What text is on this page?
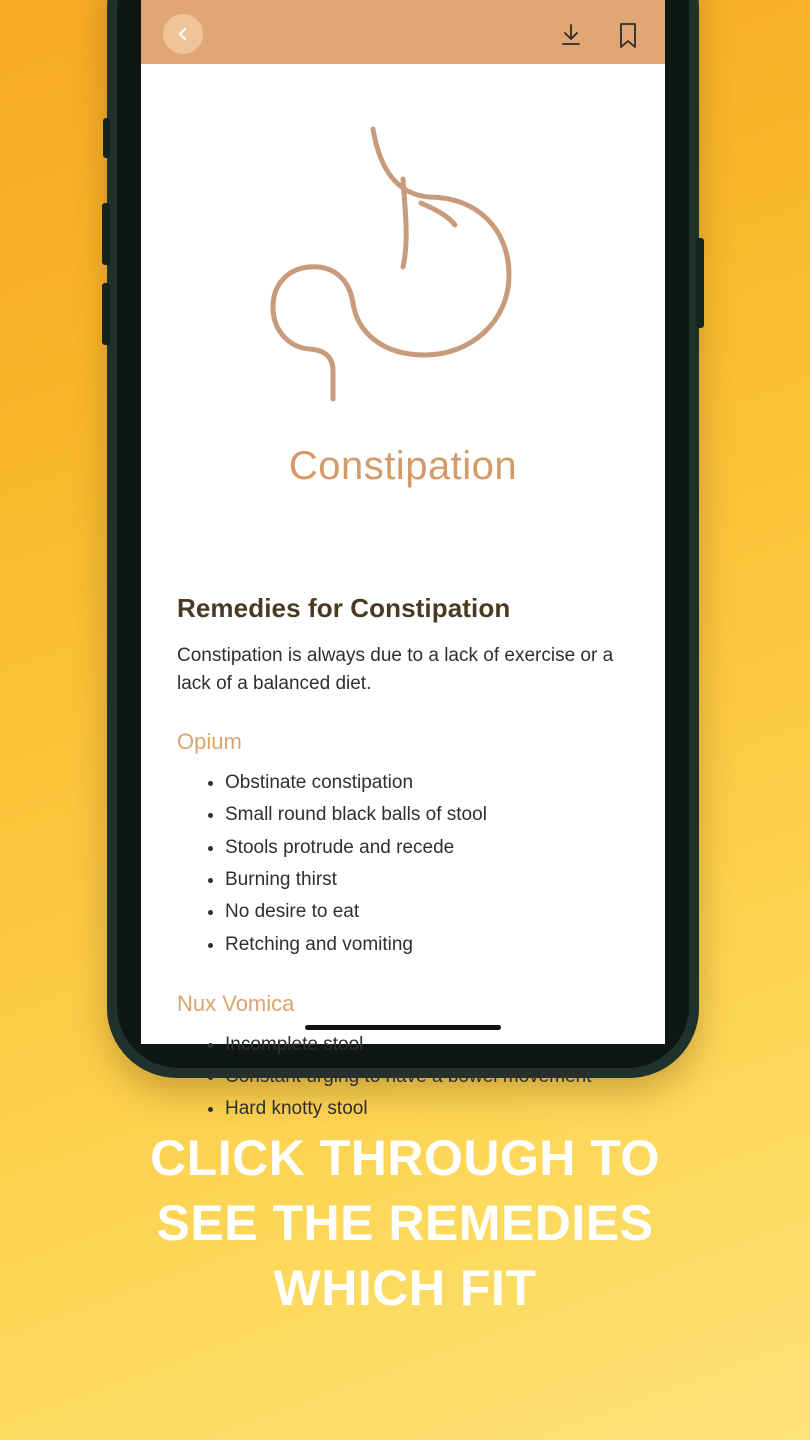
Constipation
Remedies for Constipation

Constipation is always due to a lack of exercise or a lack of a balanced diet.

Opium
• Obstinate constipation
• Small round black balls of stool
• Stools protrude and recede
• Burning thirst
• No desire to eat
• Retching and vomiting
Nux Vomica
• Incomplete stool
• Constant urging to have a bowel movement
• Hard knotty stool
CLICK THROUGH TO
SEE THE REMEDIES
WHICH FIT
